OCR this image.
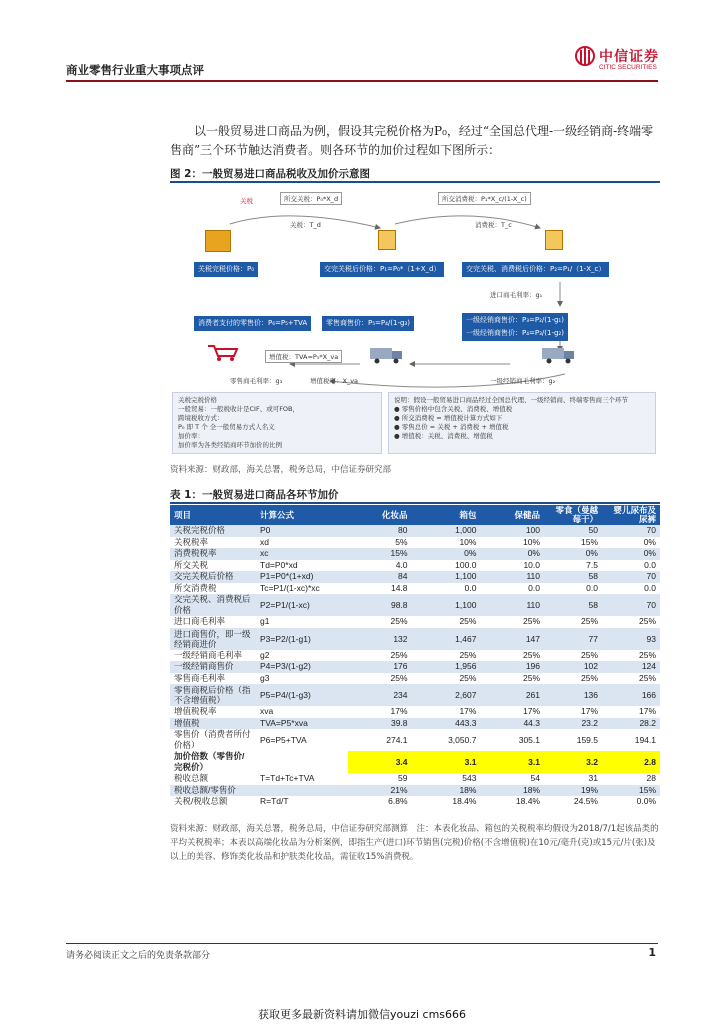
商业零售行业重大事项点评
中信证券
CITIC SECURITIES
以一般贸易进口商品为例，假设其完税价格为P₀，经过“全国总代理-一级经销商-终端零售商”三个环节触达消费者。则各环节的加价过程如下图所示：
图 2：一般贸易进口商品税收及加价示意图
关税	所交关税：P₀*X_d	所交消费税：P₁*X_c/(1-X_c)
关税：T_d	消费税：T_c
关税完税价格：P₀	交完关税后价格：P₁=P₀*（1+X_d）	交完关税、消费税后价格：P₂=P₁/（1-X_c）
进口商毛利率：g₁
一级经销商售价：P₃=P₂/(1-g₁)
一级经销商售价：P₄=P₃/(1-g₂)
零售商售价：P₅=P₄/(1-g₃)
消费者支付的零售价：P₆=P₅+TVA
增值税：TVA=P₅*X_va
零售商毛利率：g₃	增值税率：X_va	一级经销商毛利率：g₂
关税完税价格
一般贸易：一般税收计是CIF、或可FOB，
跨境税收方式：
P₀ 即 T 个 全一般贸易方式人名义
加价率：
加价率为各类经销商环节加价的比例
说明：假设一般贸易进口商品经过全国总代理、一级经销商、终端零售商三个环节
● 零售价格中包含关税、消费税、增值税
● 所交消费税 = 增值税计算方式如下
● 零售总价 = 关税 + 消费税 + 增值税
● 增值税：关税、消费税、增值税
资料来源：财政部，海关总署，税务总局，中信证券研究部
表 1：一般贸易进口商品各环节加价
项目	计算公式	化妆品	箱包	保健品	零食（曼越莓干）	婴儿尿布及尿裤
关税完税价格	P0	80	1,000	100	50	70
关税税率	xd	5%	10%	10%	15%	0%
消费税税率	xc	15%	0%	0%	0%	0%
所交关税	Td=P0*xd	4.0	100.0	10.0	7.5	0.0
交完关税后价格	P1=P0*(1+xd)	84	1,100	110	58	70
所交消费税	Tc=P1/(1-xc)*xc	14.8	0.0	0.0	0.0	0.0
交完关税、消费税后价格	P2=P1/(1-xc)	98.8	1,100	110	58	70
进口商毛利率	g1	25%	25%	25%	25%	25%
进口商售价，即一级经销商进价	P3=P2/(1-g1)	132	1,467	147	77	93
一级经销商毛利率	g2	25%	25%	25%	25%	25%
一级经销商售价	P4=P3/(1-g2)	176	1,956	196	102	124
零售商毛利率	g3	25%	25%	25%	25%	25%
零售商税后价格（指不含增值税）	P5=P4/(1-g3)	234	2,607	261	136	166
增值税税率	xva	17%	17%	17%	17%	17%
增值税	TVA=P5*xva	39.8	443.3	44.3	23.2	28.2
零售价（消费者所付价格）	P6=P5+TVA	274.1	3,050.7	305.1	159.5	194.1
加价倍数（零售价/完税价）		3.4	3.1	3.1	3.2	2.8
税收总额	T=Td+Tc+TVA	59	543	54	31	28
税收总额/零售价		21%	18%	18%	19%	15%
关税/税收总额	R=Td/T	6.8%	18.4%	18.4%	24.5%	0.0%
资料来源：财政部，海关总署，税务总局，中信证券研究部测算　注：本表化妆品、箱包的关税税率均假设为2018/7/1起该品类的平均关税税率；本表以高端化妆品为分析案例，即指生产(进口)环节销售(完税)价格(不含增值税)在10元/毫升(克)或15元/片(张)及以上的美容、修饰类化妆品和护肤类化妆品，需征收15%消费税。
请务必阅读正文之后的免责条款部分	1
获取更多最新资料请加微信youzi cms666
